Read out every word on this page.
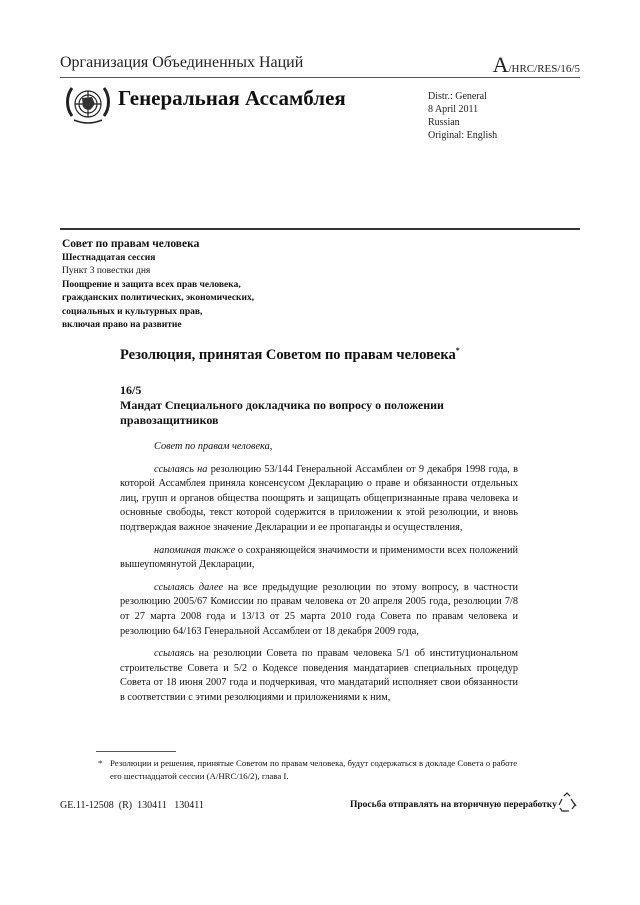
Организация Объединенных Наций	A/HRC/RES/16/5
Генеральная Ассамблея	Distr.: General
8 April 2011
Russian
Original: English
Совет по правам человека
Шестнадцатая сессия
Пункт 3 повестки дня
Поощрение и защита всех прав человека,
гражданских политических, экономических,
социальных и культурных прав,
включая право на развитие
Резолюция, принятая Советом по правам человека*
16/5
Мандат Специального докладчика по вопросу о положении правозащитников

Совет по правам человека,

ссылаясь на резолюцию 53/144 Генеральной Ассамблеи от 9 декабря 1998 года, в которой Ассамблея приняла консенсусом Декларацию о праве и обязанности отдельных лиц, групп и органов общества поощрять и защищать общепризнанные права человека и основные свободы, текст которой содержится в приложении к этой резолюции, и вновь подтверждая важное значение Декларации и ее пропаганды и осуществления,

напоминая также о сохраняющейся значимости и применимости всех положений вышеупомянутой Декларации,

ссылаясь далее на все предыдущие резолюции по этому вопросу, в частности резолюцию 2005/67 Комиссии по правам человека от 20 апреля 2005 года, резолюции 7/8 от 27 марта 2008 года и 13/13 от 25 марта 2010 года Совета по правам человека и резолюцию 64/163 Генеральной Ассамблеи от 18 декабря 2009 года,

ссылаясь на резолюции Совета по правам человека 5/1 об институциональном строительстве Совета и 5/2 о Кодексе поведения мандатариев специальных процедур Совета от 18 июня 2007 года и подчеркивая, что мандатарий исполняет свои обязанности в соответствии с этими резолюциями и приложениями к ним,

* Резолюции и решения, принятые Советом по правам человека, будут содержаться в докладе Совета о работе его шестнадцатой сессии (A/HRC/16/2), глава I.
GE.11-12508  (R)  130411   130411	Просьба отправлять на вторичную переработку
